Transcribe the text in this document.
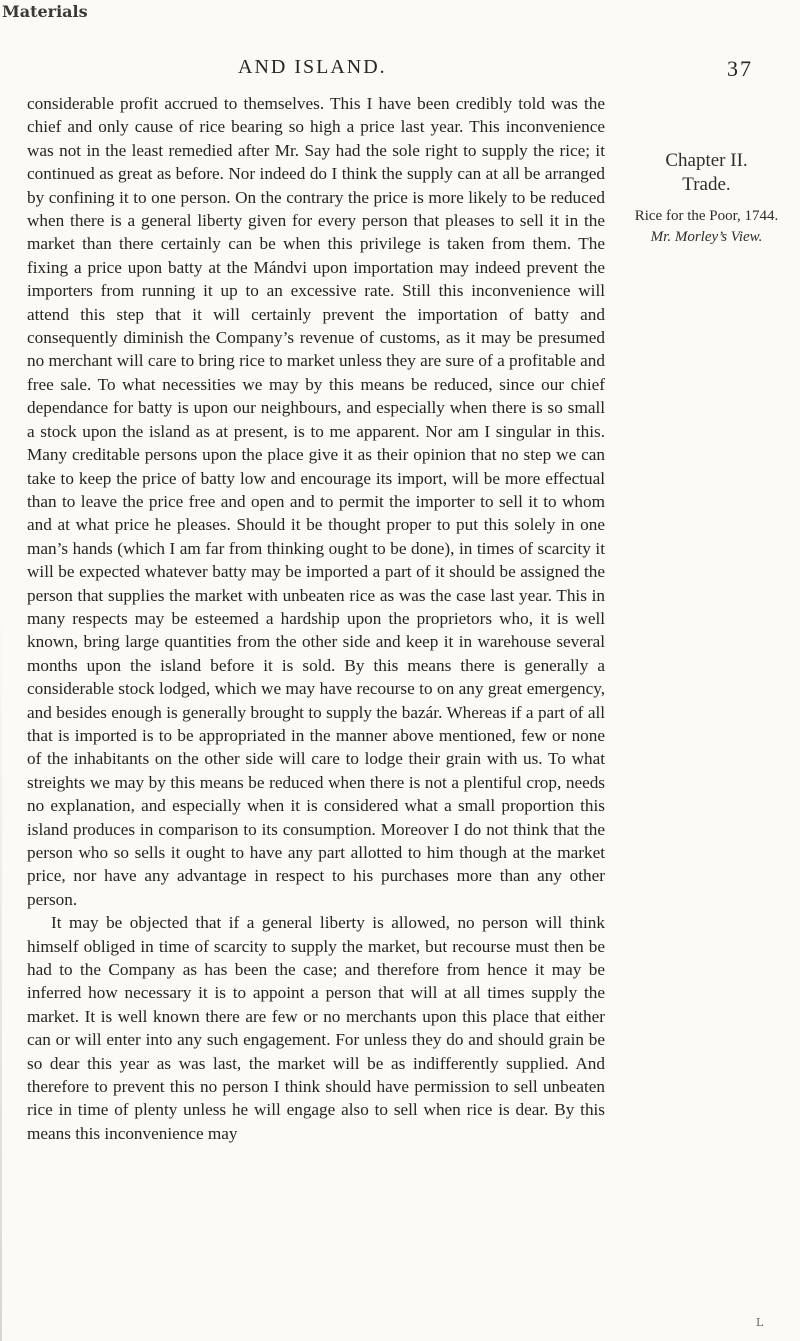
Materials
AND ISLAND.	37

considerable profit accrued to themselves. This I have been credibly told was the chief and only cause of rice bearing so high a price last year. This inconvenience was not in the least remedied after Mr. Say had the sole right to supply the rice; it continued as great as before. Nor indeed do I think the supply can at all be arranged by confining it to one person. On the contrary the price is more likely to be reduced when there is a general liberty given for every person that pleases to sell it in the market than there certainly can be when this privilege is taken from them. The fixing a price upon batty at the Mándvi upon importation may indeed prevent the importers from running it up to an excessive rate. Still this inconvenience will attend this step that it will certainly prevent the importation of batty and consequently diminish the Company’s revenue of customs, as it may be presumed no merchant will care to bring rice to market unless they are sure of a profitable and free sale. To what necessities we may by this means be reduced, since our chief dependance for batty is upon our neighbours, and especially when there is so small a stock upon the island as at present, is to me apparent. Nor am I singular in this. Many creditable persons upon the place give it as their opinion that no step we can take to keep the price of batty low and encourage its import, will be more effectual than to leave the price free and open and to permit the importer to sell it to whom and at what price he pleases. Should it be thought proper to put this solely in one man’s hands (which I am far from thinking ought to be done), in times of scarcity it will be expected whatever batty may be imported a part of it should be assigned the person that supplies the market with unbeaten rice as was the case last year. This in many respects may be esteemed a hardship upon the proprietors who, it is well known, bring large quantities from the other side and keep it in warehouse several months upon the island before it is sold. By this means there is generally a considerable stock lodged, which we may have recourse to on any great emergency, and besides enough is generally brought to supply the bazár. Whereas if a part of all that is imported is to be appropriated in the manner above mentioned, few or none of the inhabitants on the other side will care to lodge their grain with us. To what streights we may by this means be reduced when there is not a plentiful crop, needs no explanation, and especially when it is considered what a small proportion this island produces in comparison to its consumption. Moreover I do not think that the person who so sells it ought to have any part allotted to him though at the market price, nor have any advantage in respect to his purchases more than any other person.

It may be objected that if a general liberty is allowed, no person will think himself obliged in time of scarcity to supply the market, but recourse must then be had to the Company as has been the case; and therefore from hence it may be inferred how necessary it is to appoint a person that will at all times supply the market. It is well known there are few or no merchants upon this place that either can or will enter into any such engagement. For unless they do and should grain be so dear this year as was last, the market will be as indifferently supplied. And therefore to prevent this no person I think should have permission to sell unbeaten rice in time of plenty unless he will engage also to sell when rice is dear. By this means this inconvenience may

Chapter II.
Trade.
Rice for the Poor, 1744.
Mr. Morley’s View.
L
